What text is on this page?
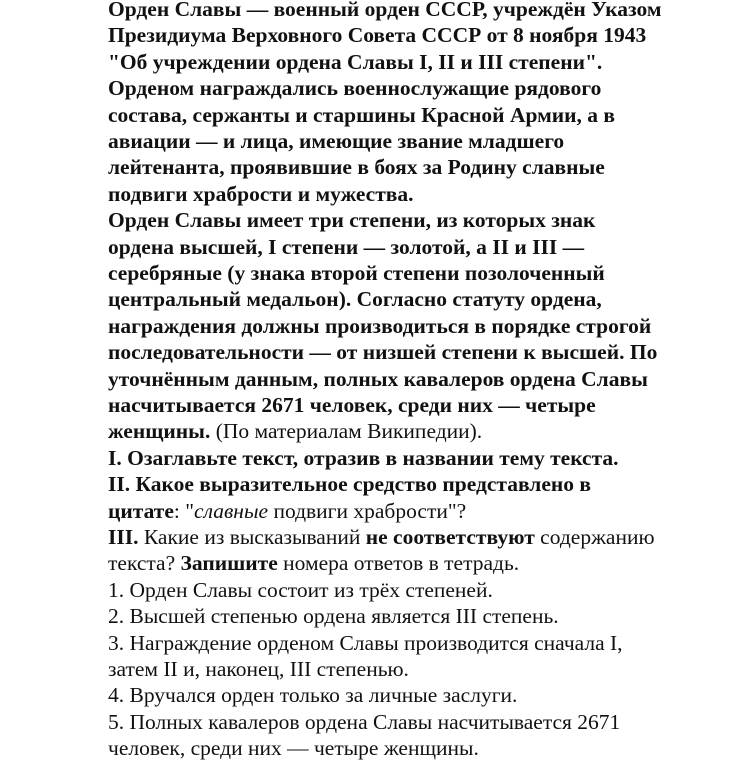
Орден Славы — военный орден СССР, учреждён Указом
Президиума Верховного Совета СССР от 8 ноября 1943
"Об учреждении ордена Славы I, II и III степени".
Орденом награждались военнослужащие рядового
состава, сержанты и старшины Красной Армии, а в
авиации — и лица, имеющие звание младшего
лейтенанта, проявившие в боях за Родину славные
подвиги храбрости и мужества.
Орден Славы имеет три степени, из которых знак
ордена высшей, I степени — золотой, а II и III —
серебряные (у знака второй степени позолоченный
центральный медальон). Согласно статуту ордена,
награждения должны производиться в порядке строгой
последовательности — от низшей степени к высшей. По
уточнённым данным, полных кавалеров ордена Славы
насчитывается 2671 человек, среди них — четыре
женщины. (По материалам Википедии).
I. Озаглавьте текст, отразив в названии тему текста.
II. Какое выразительное средство представлено в
цитате: "славные подвиги храбрости"?
III. Какие из высказываний не соответствуют содержанию
текста? Запишите номера ответов в тетрадь.
1. Орден Славы состоит из трёх степеней.
2. Высшей степенью ордена является III степень.
3. Награждение орденом Славы производится сначала I,
затем II и, наконец, III степенью.
4. Вручался орден только за личные заслуги.
5. Полных кавалеров ордена Славы насчитывается 2671
человек, среди них — четыре женщины.
